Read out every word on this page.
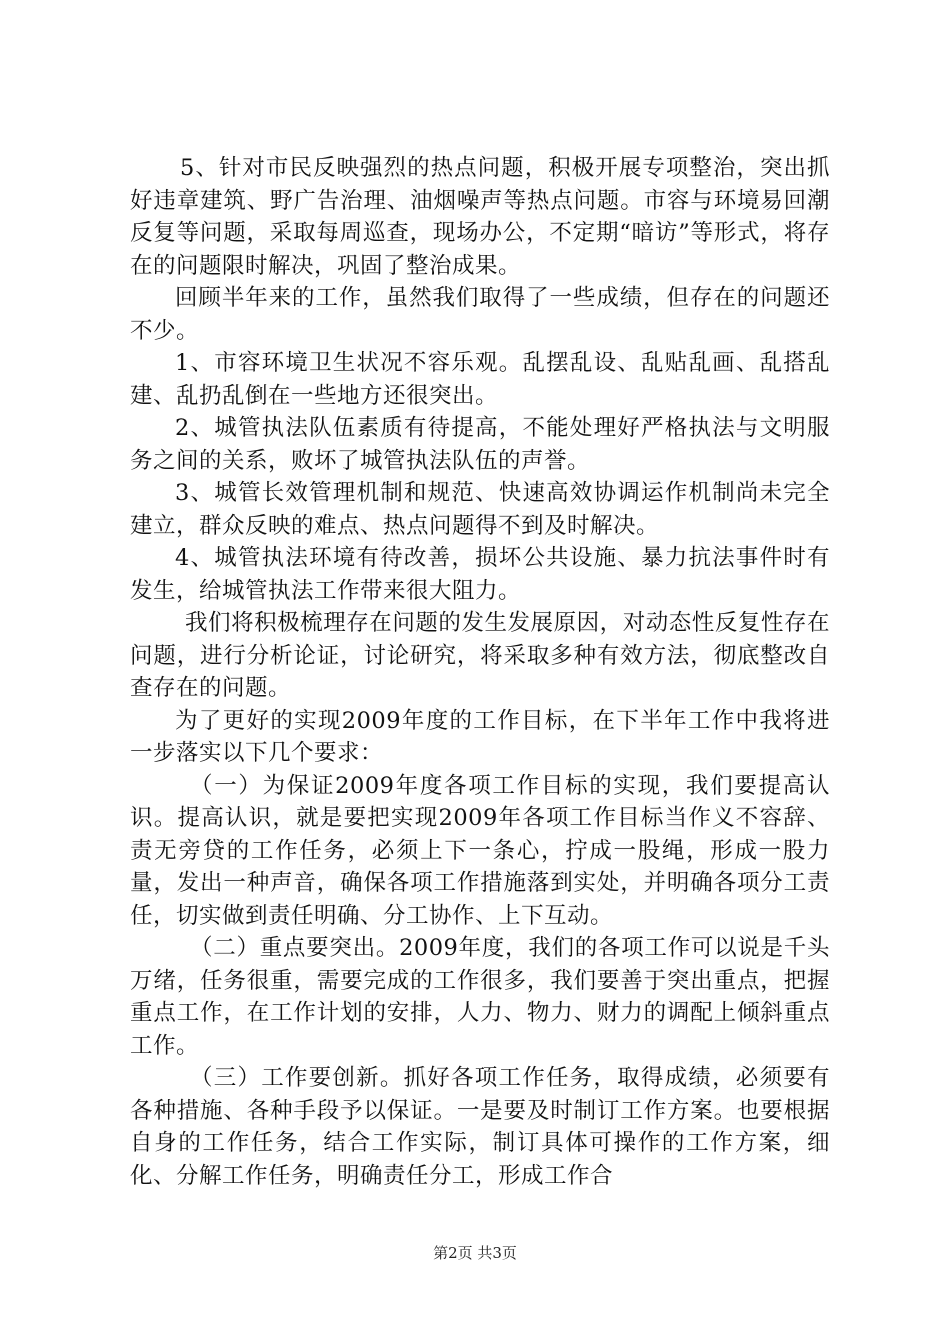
5、针对市民反映强烈的热点问题，积极开展专项整治，突出抓好违章建筑、野广告治理、油烟噪声等热点问题。市容与环境易回潮反复等问题，采取每周巡查，现场办公，不定期“暗访”等形式，将存在的问题限时解决，巩固了整治成果。

回顾半年来的工作，虽然我们取得了一些成绩，但存在的问题还不少。

1、市容环境卫生状况不容乐观。乱摆乱设、乱贴乱画、乱搭乱建、乱扔乱倒在一些地方还很突出。

2、城管执法队伍素质有待提高，不能处理好严格执法与文明服务之间的关系，败坏了城管执法队伍的声誉。

3、城管长效管理机制和规范、快速高效协调运作机制尚未完全建立，群众反映的难点、热点问题得不到及时解决。

4、城管执法环境有待改善，损坏公共设施、暴力抗法事件时有发生，给城管执法工作带来很大阻力。

我们将积极梳理存在问题的发生发展原因，对动态性反复性存在问题，进行分析论证，讨论研究，将采取多种有效方法，彻底整改自查存在的问题。

为了更好的实现2009年度的工作目标，在下半年工作中我将进一步落实以下几个要求：

（一）为保证2009年度各项工作目标的实现，我们要提高认识。提高认识，就是要把实现2009年各项工作目标当作义不容辞、责无旁贷的工作任务，必须上下一条心，拧成一股绳，形成一股力量，发出一种声音，确保各项工作措施落到实处，并明确各项分工责任，切实做到责任明确、分工协作、上下互动。

（二）重点要突出。2009年度，我们的各项工作可以说是千头万绪，任务很重，需要完成的工作很多，我们要善于突出重点，把握重点工作，在工作计划的安排，人力、物力、财力的调配上倾斜重点工作。

（三）工作要创新。抓好各项工作任务，取得成绩，必须要有各种措施、各种手段予以保证。一是要及时制订工作方案。也要根据自身的工作任务，结合工作实际，制订具体可操作的工作方案，细化、分解工作任务，明确责任分工，形成工作合

第2页 共3页
